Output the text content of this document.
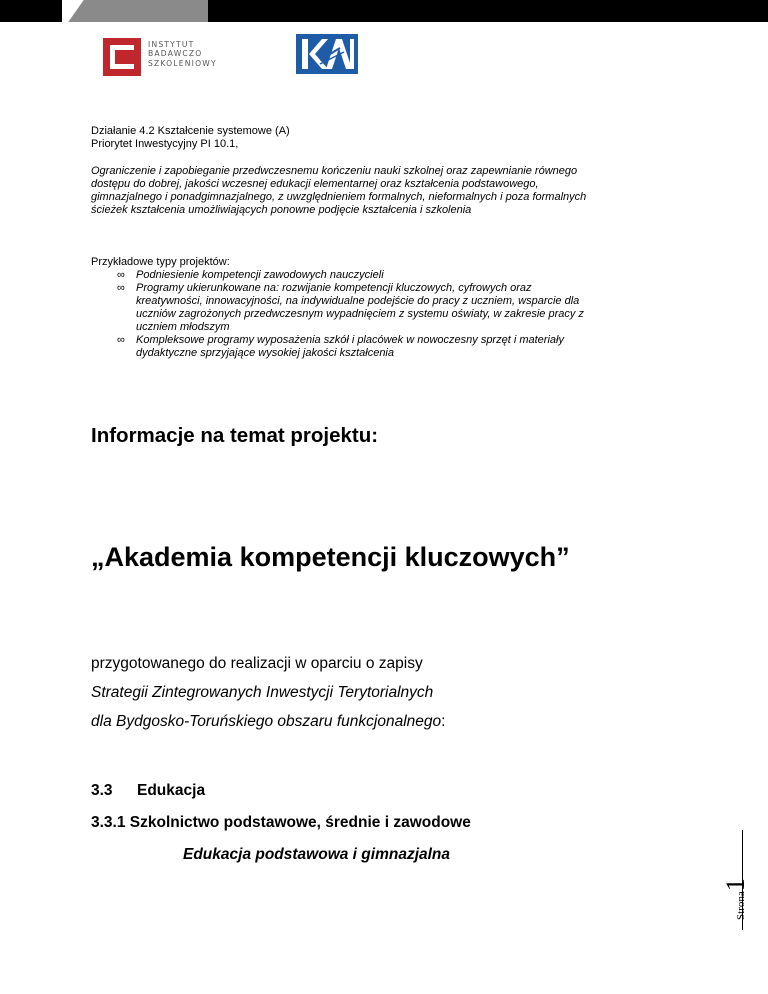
INSTYTUT
BADAWCZO
SZKOLENIOWY
Działanie 4.2 Kształcenie systemowe (A)
Priorytet Inwestycyjny PI 10.1,
Ograniczenie i zapobieganie przedwczesnemu kończeniu nauki szkolnej oraz zapewnianie równego
dostępu do dobrej, jakości wczesnej edukacji elementarnej oraz kształcenia podstawowego,
gimnazjalnego i ponadgimnazjalnego, z uwzględnieniem formalnych, nieformalnych i poza formalnych
ścieżek kształcenia umożliwiających ponowne podjęcie kształcenia i szkolenia
Przykładowe typy projektów:
∞ Podniesienie kompetencji zawodowych nauczycieli
∞ Programy ukierunkowane na: rozwijanie kompetencji kluczowych, cyfrowych oraz
kreatywności, innowacyjności, na indywidualne podejście do pracy z uczniem, wsparcie dla
uczniów zagrożonych przedwczesnym wypadnięciem z systemu oświaty, w zakresie pracy z
uczniem młodszym
∞ Kompleksowe programy wyposażenia szkół i placówek w nowoczesny sprzęt i materiały
dydaktyczne sprzyjające wysokiej jakości kształcenia
Informacje na temat projektu:
„Akademia kompetencji kluczowych”
przygotowanego do realizacji w oparciu o zapisy
Strategii Zintegrowanych Inwestycji Terytorialnych
dla Bydgosko-Toruńskiego obszaru funkcjonalnego:
3.3 Edukacja
3.3.1 Szkolnictwo podstawowe, średnie i zawodowe
Edukacja podstawowa i gimnazjalna
Strona1
